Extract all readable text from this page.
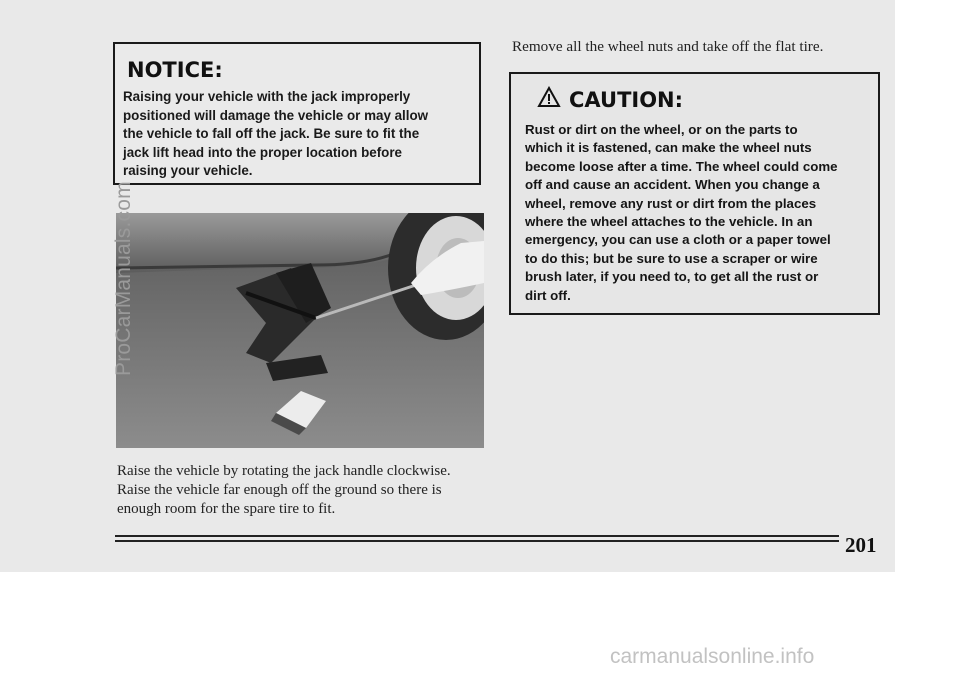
NOTICE:
Raising your vehicle with the jack improperly
positioned will damage the vehicle or may allow
the vehicle to fall off the jack. Be sure to fit the
jack lift head into the proper location before
raising your vehicle.
Raise the vehicle by rotating the jack handle clockwise.
Raise the vehicle far enough off the ground so there is
enough room for the spare tire to fit.
Remove all the wheel nuts and take off the flat tire.
CAUTION:
Rust or dirt on the wheel, or on the parts to
which it is fastened, can make the wheel nuts
become loose after a time. The wheel could come
off and cause an accident. When you change a
wheel, remove any rust or dirt from the places
where the wheel attaches to the vehicle. In an
emergency, you can use a cloth or a paper towel
to do this; but be sure to use a scraper or wire
brush later, if you need to, to get all the rust or
dirt off.
201
ProCarManuals.com
carmanualsonline.info
